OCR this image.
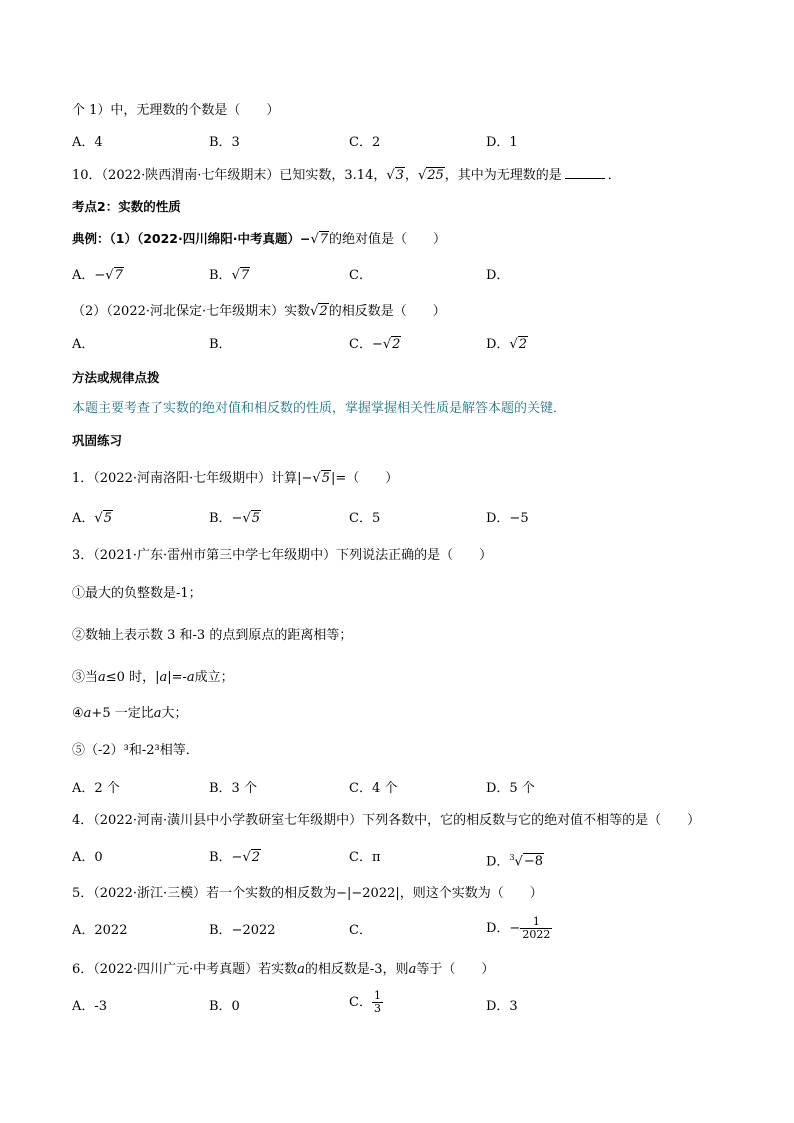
个 1）中，无理数的个数是（　　）
A．4	B．3	C．2	D．1
10．（2022·陕西渭南·七年级期末）已知实数，3.14，√3，√25，其中为无理数的是	．
考点2：实数的性质
典例：（1）（2022·四川绵阳·中考真题）−√7的绝对值是（　　）
A．−√7	B．√7	C．	D．
（2）（2022·河北保定·七年级期末）实数√2的相反数是（　　）
A．	B．	C．−√2	D．√2
方法或规律点拨
本题主要考查了实数的绝对值和相反数的性质，掌握掌握相关性质是解答本题的关键．
巩固练习
1．（2022·河南洛阳·七年级期中）计算|−√5|=（　　）
A．√5	B．−√5	C．5	D．−5
3．（2021·广东·雷州市第三中学七年级期中）下列说法正确的是（　　）
①最大的负整数是-1；
②数轴上表示数 3 和-3 的点到原点的距离相等；
③当a≤0 时，|a|=-a成立；
④a+5 一定比a大；
⑤（-2）³和-2³相等．
A．2 个	B．3 个	C．4 个	D．5 个
4．（2022·河南·潢川县中小学教研室七年级期中）下列各数中，它的相反数与它的绝对值不相等的是（　　）
A．0	B．−√2	C．π	D．$^3$√−8
5．（2022·浙江·三模）若一个实数的相反数为−|−2022|，则这个实数为（　　）
A．2022	B．−2022	C．	D．− $\frac{1}{2022}$
6．（2022·四川广元·中考真题）若实数a的相反数是-3，则a等于（　　）
A．-3	B．0	C． $\frac{1}{3}$	D．3
